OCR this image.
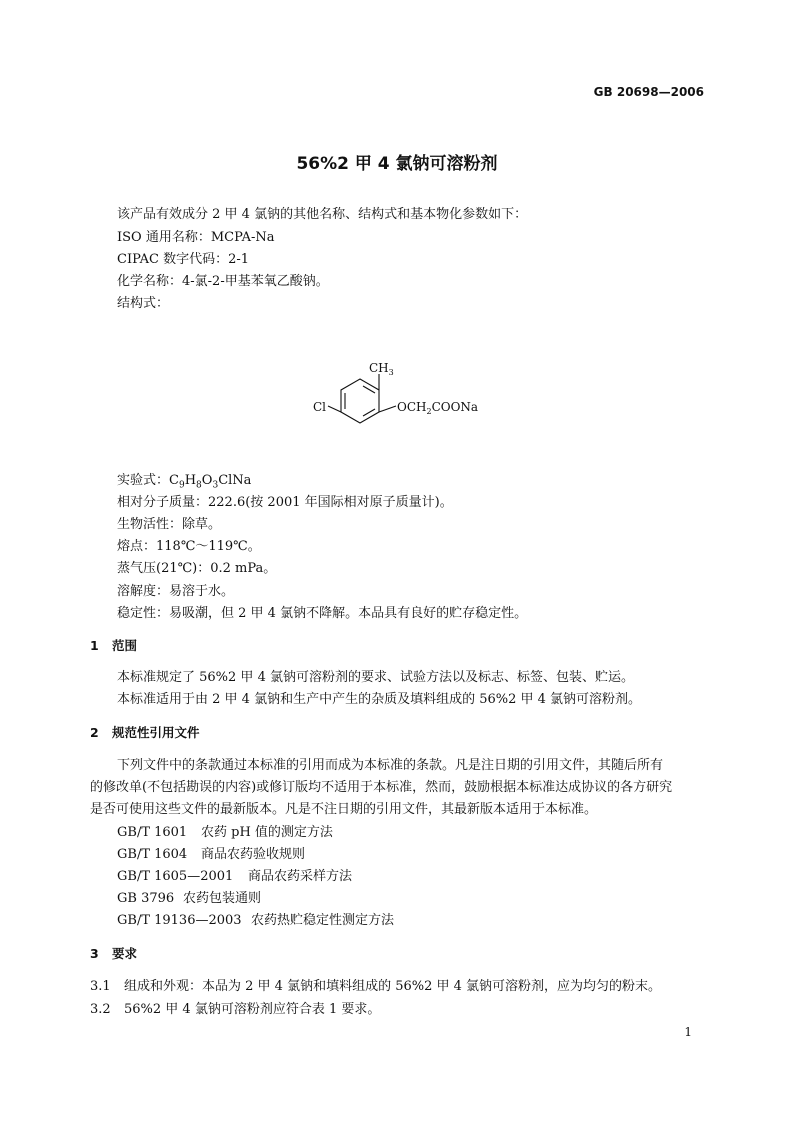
GB 20698—2006
56%2 甲 4 氯钠可溶粉剂
该产品有效成分 2 甲 4 氯钠的其他名称、结构式和基本物化参数如下：
ISO 通用名称：MCPA-Na
CIPAC 数字代码：2-1
化学名称：4-氯-2-甲基苯氧乙酸钠。
结构式：
$CH_3$
Cl	$OCH_2COONa$
实验式：$C_9H_8O_3ClNa$
相对分子质量：222.6(按 2001 年国际相对原子质量计)。
生物活性：除草。
熔点：118℃～119℃。
蒸气压(21℃)：0.2 mPa。
溶解度：易溶于水。
稳定性：易吸潮，但 2 甲 4 氯钠不降解。本品具有良好的贮存稳定性。
1 范围
本标准规定了 56%2 甲 4 氯钠可溶粉剂的要求、试验方法以及标志、标签、包装、贮运。
本标准适用于由 2 甲 4 氯钠和生产中产生的杂质及填料组成的 56%2 甲 4 氯钠可溶粉剂。
2 规范性引用文件
下列文件中的条款通过本标准的引用而成为本标准的条款。凡是注日期的引用文件，其随后所有
的修改单(不包括勘误的内容)或修订版均不适用于本标准，然而，鼓励根据本标准达成协议的各方研究
是否可使用这些文件的最新版本。凡是不注日期的引用文件，其最新版本适用于本标准。
GB/T 1601 农药 pH 值的测定方法
GB/T 1604 商品农药验收规则
GB/T 1605—2001 商品农药采样方法
GB 3796 农药包装通则
GB/T 19136—2003 农药热贮稳定性测定方法
3 要求
3.1 组成和外观：本品为 2 甲 4 氯钠和填料组成的 56%2 甲 4 氯钠可溶粉剂，应为均匀的粉末。
3.2 56%2 甲 4 氯钠可溶粉剂应符合表 1 要求。
1
